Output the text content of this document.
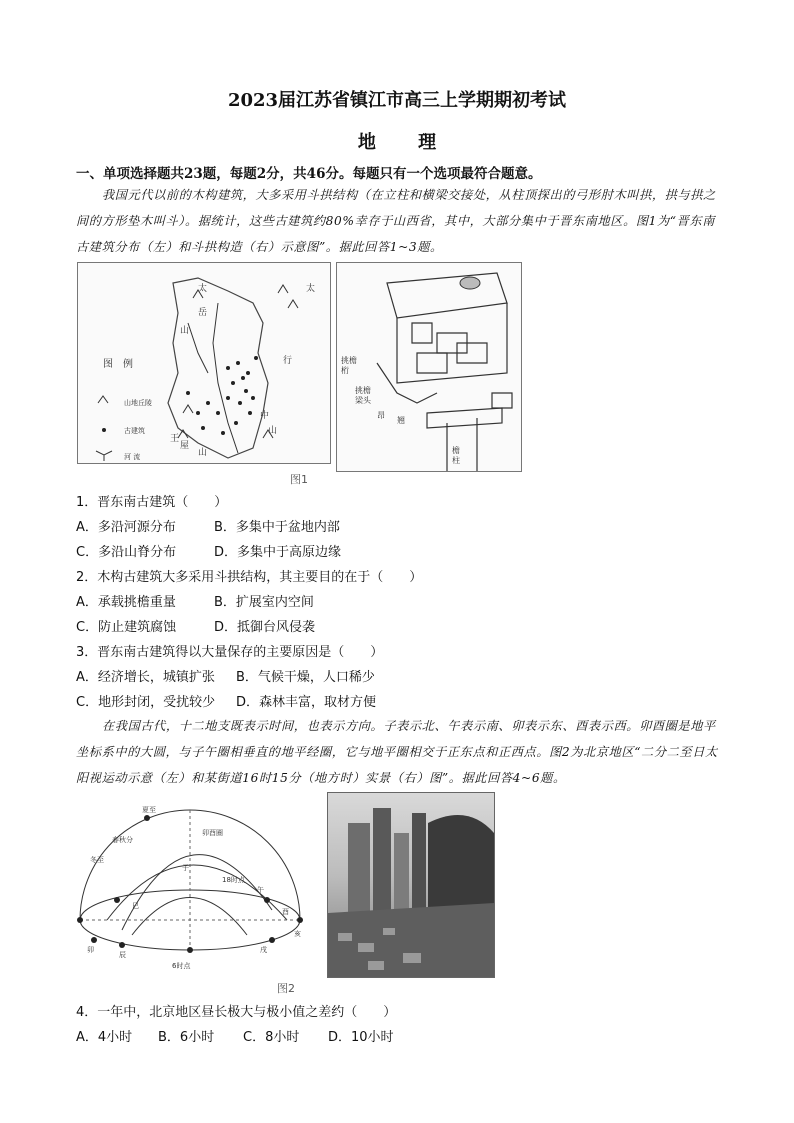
2023届江苏省镇江市高三上学期期初考试
地 理
一、单项选择题共23题，每题2分，共46分。每题只有一个选项最符合题意。
我国元代以前的木构建筑，大多采用斗拱结构（在立柱和横梁交接处，从柱顶探出的弓形肘木叫拱，拱与拱之间的方形垫木叫斗）。据统计，这些古建筑约80%幸存于山西省，其中，大部分集中于晋东南地区。图1为“晋东南古建筑分布（左）和斗拱构造（右）示意图”。据此回答1~3题。
太
岳
山
太
行
王
屋
山
中
山
图　例
山地丘陵
古建筑
河 流
挑檐
桁
挑檐
梁头
昂
翘
檐
柱
图1
1．晋东南古建筑（　　）
A．多沿河源分布	B．多集中于盆地内部
C．多沿山脊分布	D．多集中于高原边缘
2．木构古建筑大多采用斗拱结构，其主要目的在于（　　）
A．承载挑檐重量	B．扩展室内空间
C．防止建筑腐蚀	D．抵御台风侵袭
3．晋东南古建筑得以大量保存的主要原因是（　　）
A．经济增长，城镇扩张 B．气候干燥，人口稀少
C．地形封闭，受扰较少 D．森林丰富，取材方便
在我国古代，十二地支既表示时间，也表示方向。子表示北、午表示南、卯表示东、酉表示西。卯酉圈是地平坐标系中的大圆，与子午圈相垂直的地平经圈，它与地平圈相交于正东点和正西点。图2为北京地区“二分二至日太阳视运动示意（左）和某街道16时15分（地方时）实景（右）图”。据此回答4~6题。
夏至
春秋分
冬至
卯酉圈
18时点
6时点
子
午
卯
酉
戌
辰
巳
亥
图2
4．一年中，北京地区昼长极大与极小值之差约（　　）
A．4小时 B．6小时 C．8小时 D．10小时
